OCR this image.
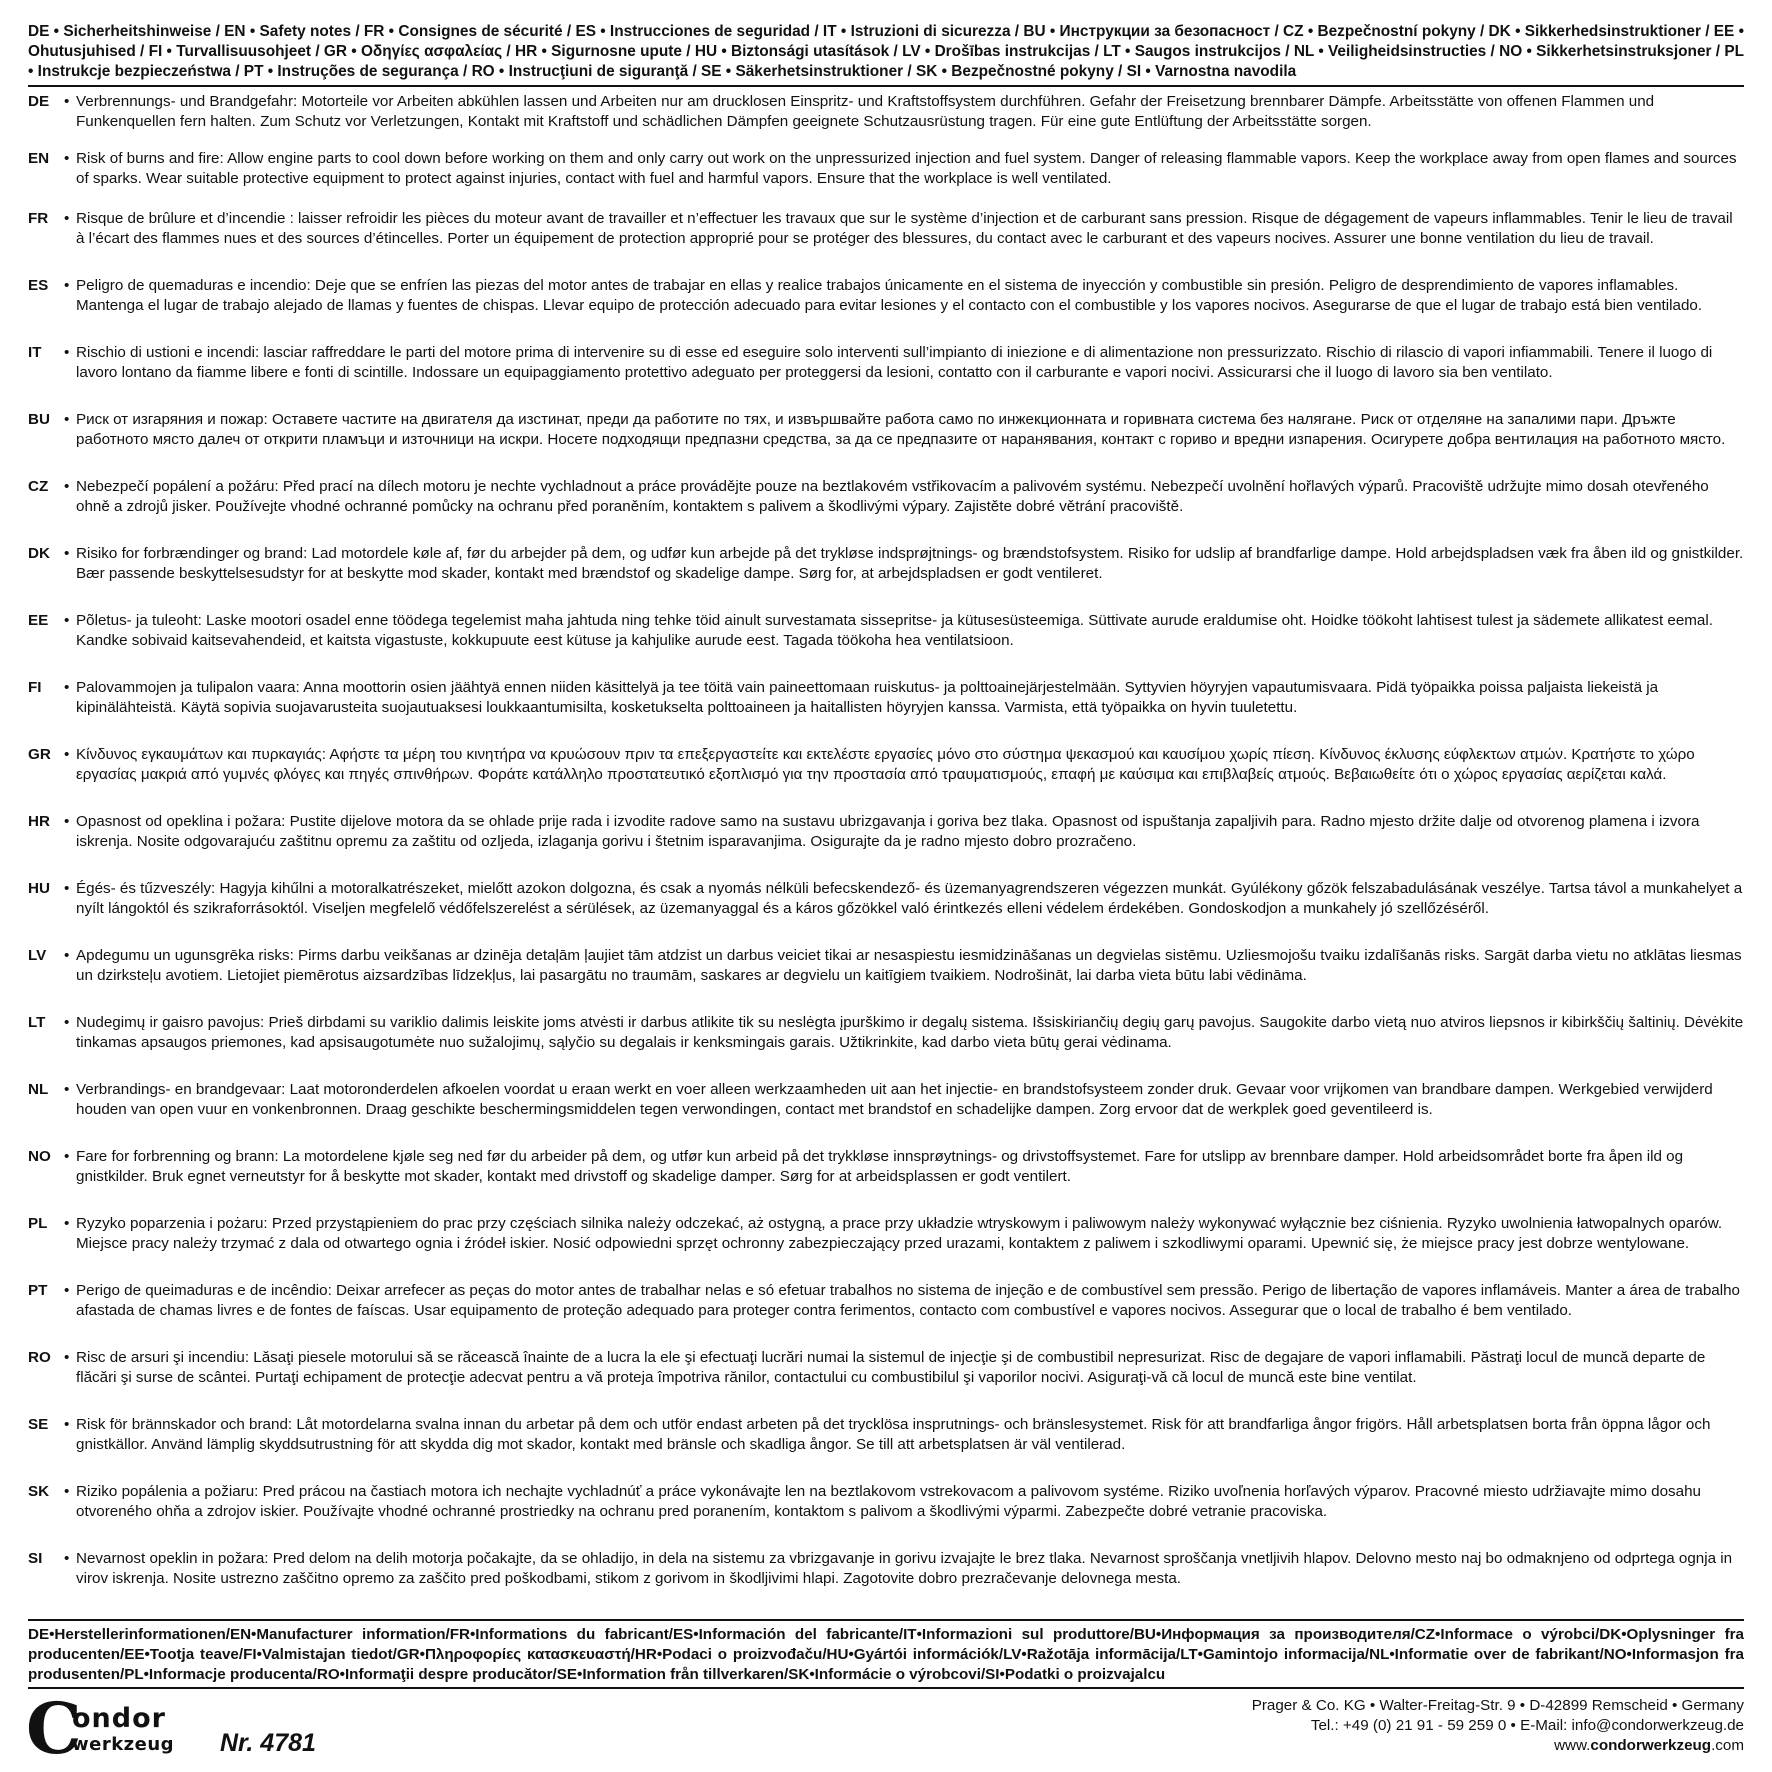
DE • Sicherheitshinweise / EN • Safety notes / FR • Consignes de sécurité / ES • Instrucciones de seguridad / IT • Istruzioni di sicurezza / BU • Инструкции за безопасност / CZ • Bezpečnostní pokyny / DK • Sikkerhedsinstruktioner / EE • Ohutusjuhised / FI • Turvallisuusohjeet / GR • Οδηγίες ασφαλείας / HR • Sigurnosne upute / HU • Biztonsági utasítások / LV • Drošības instrukcijas / LT • Saugos instrukcijos / NL • Veiligheidsinstructies / NO • Sikkerhetsinstruksjoner / PL • Instrukcje bezpieczeństwa / PT • Instruções de segurança / RO • Instrucţiuni de siguranţă / SE • Säkerhetsinstruktioner / SK • Bezpečnostné pokyny / SI • Varnostna navodila
DE • Verbrennungs- und Brandgefahr: Motorteile vor Arbeiten abkühlen lassen und Arbeiten nur am drucklosen Einspritz- und Kraftstoffsystem durchführen. Gefahr der Freisetzung brennbarer Dämpfe. Arbeitsstätte von offenen Flammen und Funkenquellen fern halten. Zum Schutz vor Verletzungen, Kontakt mit Kraftstoff und schädlichen Dämpfen geeignete Schutzausrüstung tragen. Für eine gute Entlüftung der Arbeitsstätte sorgen.
EN • Risk of burns and fire: Allow engine parts to cool down before working on them and only carry out work on the unpressurized injection and fuel system. Danger of releasing flammable vapors. Keep the workplace away from open flames and sources of sparks. Wear suitable protective equipment to protect against injuries, contact with fuel and harmful vapors. Ensure that the workplace is well ventilated.
FR	• Risque de brûlure et d’incendie : laisser refroidir les pièces du moteur avant de travailler et n’effectuer les travaux que sur le système d’injection et de carburant sans pression. Risque de dégagement de vapeurs inflammables. Tenir le lieu de travail à l’écart des flammes nues et des sources d’étincelles. Porter un équipement de protection approprié pour se protéger des blessures, du contact avec le carburant et des vapeurs nocives. Assurer une bonne ventilation du lieu de travail.
ES	• Peligro de quemaduras e incendio: Deje que se enfríen las piezas del motor antes de trabajar en ellas y realice trabajos únicamente en el sistema de inyección y combustible sin presión. Peligro de desprendimiento de vapores inflamables. Mantenga el lugar de trabajo alejado de llamas y fuentes de chispas. Llevar equipo de protección adecuado para evitar lesiones y el contacto con el combustible y los vapores nocivos. Asegurarse de que el lugar de trabajo está bien ventilado.
IT	• Rischio di ustioni e incendi: lasciar raffreddare le parti del motore prima di intervenire su di esse ed eseguire solo interventi sull’impianto di iniezione e di alimentazione non pressurizzato. Rischio di rilascio di vapori infiammabili. Tenere il luogo di lavoro lontano da fiamme libere e fonti di scintille. Indossare un equipaggiamento protettivo adeguato per proteggersi da lesioni, contatto con il carburante e vapori nocivi. Assicurarsi che il luogo di lavoro sia ben ventilato.
BU • Риск от изгаряния и пожар: Оставете частите на двигателя да изстинат, преди да работите по тях, и извършвайте работа само по инжекционната и горивната система без налягане. Риск от отделяне на запалими пари. Дръжте работното място далеч от открити пламъци и източници на искри. Носете подходящи предпазни средства, за да се предпазите от наранявания, контакт с гориво и вредни изпарения. Осигурете добра вентилация на работното място.
CZ	• Nebezpečí popálení a požáru: Před prací na dílech motoru je nechte vychladnout a práce provádějte pouze na beztlakovém vstřikovacím a palivovém systému. Nebezpečí uvolnění hořlavých výparů. Pracoviště udržujte mimo dosah otevřeného ohně a zdrojů jisker. Používejte vhodné ochranné pomůcky na ochranu před poraněním, kontaktem s palivem a škodlivými výpary. Zajistěte dobré větrání pracoviště.
DK • Risiko for forbrændinger og brand: Lad motordele køle af, før du arbejder på dem, og udfør kun arbejde på det trykløse indsprøjtnings- og brændstofsystem. Risiko for udslip af brandfarlige dampe. Hold arbejdspladsen væk fra åben ild og gnistkilder. Bær passende beskyttelsesudstyr for at beskytte mod skader, kontakt med brændstof og skadelige dampe. Sørg for, at arbejdspladsen er godt ventileret.
EE	• Põletus- ja tuleoht: Laske mootori osadel enne töödega tegelemist maha jahtuda ning tehke töid ainult survestamata sissepritse- ja kütusesüsteemiga. Süttivate aurude eraldumise oht. Hoidke töökoht lahtisest tulest ja sädemete allikatest eemal. Kandke sobivaid kaitsevahendeid, et kaitsta vigastuste, kokkupuute eest kütuse ja kahjulike aurude eest. Tagada töökoha hea ventilatsioon.
FI	• Palovammojen ja tulipalon vaara: Anna moottorin osien jäähtyä ennen niiden käsittelyä ja tee töitä vain paineettomaan ruiskutus- ja polttoainejärjestelmään. Syttyvien höyryjen vapautumisvaara. Pidä työpaikka poissa paljaista liekeistä ja kipinälähteistä. Käytä sopivia suojavarusteita suojautuaksesi loukkaantumisilta, kosketukselta polttoaineen ja haitallisten höyryjen kanssa. Varmista, että työpaikka on hyvin tuuletettu.
GR • Κίνδυνος εγκαυμάτων και πυρκαγιάς: Αφήστε τα μέρη του κινητήρα να κρυώσουν πριν τα επεξεργαστείτε και εκτελέστε εργασίες μόνο στο σύστημα ψεκασμού και καυσίμου χωρίς πίεση. Κίνδυνος έκλυσης εύφλεκτων ατμών. Κρατήστε το χώρο εργασίας μακριά από γυμνές φλόγες και πηγές σπινθήρων. Φοράτε κατάλληλο προστατευτικό εξοπλισμό για την προστασία από τραυματισμούς, επαφή με καύσιμα και επιβλαβείς ατμούς. Βεβαιωθείτε ότι ο χώρος εργασίας αερίζεται καλά.
HR • Opasnost od opeklina i požara: Pustite dijelove motora da se ohlade prije rada i izvodite radove samo na sustavu ubrizgavanja i goriva bez tlaka. Opasnost od ispuštanja zapaljivih para. Radno mjesto držite dalje od otvorenog plamena i izvora iskrenja. Nosite odgovarajuću zaštitnu opremu za zaštitu od ozljeda, izlaganja gorivu i štetnim isparavanjima. Osigurajte da je radno mjesto dobro prozračeno.
HU • Égés- és tűzveszély: Hagyja kihűlni a motoralkatrészeket, mielőtt azokon dolgozna, és csak a nyomás nélküli befecskendező- és üzemanyagrendszeren végezzen munkát. Gyúlékony gőzök felszabadulásának veszélye. Tartsa távol a munkahelyet a nyílt lángoktól és szikraforrásoktól. Viseljen megfelelő védőfelszerelést a sérülések, az üzemanyaggal és a káros gőzökkel való érintkezés elleni védelem érdekében. Gondoskodjon a munkahely jó szellőzéséről.
LV	• Apdegumu un ugunsgrēka risks: Pirms darbu veikšanas ar dzinēja detaļām ļaujiet tām atdzist un darbus veiciet tikai ar nesaspiestu iesmidzināšanas un degvielas sistēmu. Uzliesmojošu tvaiku izdalīšanās risks. Sargāt darba vietu no atklātas liesmas un dzirksteļu avotiem. Lietojiet piemērotus aizsardzības līdzekļus, lai pasargātu no traumām, saskares ar degvielu un kaitīgiem tvaikiem. Nodrošināt, lai darba vieta būtu labi vēdināma.
LT	• Nudegimų ir gaisro pavojus: Prieš dirbdami su variklio dalimis leiskite joms atvėsti ir darbus atlikite tik su neslėgta įpurškimo ir degalų sistema. Išsiskiriančių degių garų pavojus. Saugokite darbo vietą nuo atviros liepsnos ir kibirkščių šaltinių. Dėvėkite tinkamas apsaugos priemones, kad apsisaugotumėte nuo sužalojimų, sąlyčio su degalais ir kenksmingais garais. Užtikrinkite, kad darbo vieta būtų gerai vėdinama.
NL	• Verbrandings- en brandgevaar: Laat motoronderdelen afkoelen voordat u eraan werkt en voer alleen werkzaamheden uit aan het injectie- en brandstofsysteem zonder druk. Gevaar voor vrijkomen van brandbare dampen. Werkgebied verwijderd houden van open vuur en vonkenbronnen. Draag geschikte beschermingsmiddelen tegen verwondingen, contact met brandstof en schadelijke dampen. Zorg ervoor dat de werkplek goed geventileerd is.
NO • Fare for forbrenning og brann: La motordelene kjøle seg ned før du arbeider på dem, og utfør kun arbeid på det trykkløse innsprøytnings- og drivstoffsystemet. Fare for utslipp av brennbare damper. Hold arbeidsområdet borte fra åpen ild og gnistkilder. Bruk egnet verneutstyr for å beskytte mot skader, kontakt med drivstoff og skadelige damper. Sørg for at arbeidsplassen er godt ventilert.
PL	• Ryzyko poparzenia i pożaru: Przed przystąpieniem do prac przy częściach silnika należy odczekać, aż ostygną, a prace przy układzie wtryskowym i paliwowym należy wykonywać wyłącznie bez ciśnienia. Ryzyko uwolnienia łatwopalnych oparów. Miejsce pracy należy trzymać z dala od otwartego ognia i źródeł iskier. Nosić odpowiedni sprzęt ochronny zabezpieczający przed urazami, kontaktem z paliwem i szkodliwymi oparami. Upewnić się, że miejsce pracy jest dobrze wentylowane.
PT	• Perigo de queimaduras e de incêndio: Deixar arrefecer as peças do motor antes de trabalhar nelas e só efetuar trabalhos no sistema de injeção e de combustível sem pressão. Perigo de libertação de vapores inflamáveis. Manter a área de trabalho afastada de chamas livres e de fontes de faíscas. Usar equipamento de proteção adequado para proteger contra ferimentos, contacto com combustível e vapores nocivos. Assegurar que o local de trabalho é bem ventilado.
RO • Risc de arsuri şi incendiu: Lăsaţi piesele motorului să se răcească înainte de a lucra la ele şi efectuaţi lucrări numai la sistemul de injecţie şi de combustibil nepresurizat. Risc de degajare de vapori inflamabili. Păstraţi locul de muncă departe de flăcări şi surse de scântei. Purtaţi echipament de protecţie adecvat pentru a vă proteja împotriva rănilor, contactului cu combustibilul şi vaporilor nocivi. Asiguraţi-vă că locul de muncă este bine ventilat.
SE	• Risk för brännskador och brand: Låt motordelarna svalna innan du arbetar på dem och utför endast arbeten på det trycklösa insprutnings- och bränslesystemet. Risk för att brandfarliga ångor frigörs. Håll arbetsplatsen borta från öppna lågor och gnistkällor. Använd lämplig skyddsutrustning för att skydda dig mot skador, kontakt med bränsle och skadliga ångor. Se till att arbetsplatsen är väl ventilerad.
SK • Riziko popálenia a požiaru: Pred prácou na častiach motora ich nechajte vychladnúť a práce vykonávajte len na beztlakovom vstrekovacom a palivovom systéme. Riziko uvoľnenia horľavých výparov. Pracovné miesto udržiavajte mimo dosahu otvoreného ohňa a zdrojov iskier. Používajte vhodné ochranné prostriedky na ochranu pred poranením, kontaktom s palivom a škodlivými výparmi. Zabezpečte dobré vetranie pracoviska.
SI	• Nevarnost opeklin in požara: Pred delom na delih motorja počakajte, da se ohladijo, in dela na sistemu za vbrizgavanje in gorivu izvajajte le brez tlaka. Nevarnost sproščanja vnetljivih hlapov. Delovno mesto naj bo odmaknjeno od odprtega ognja in virov iskrenja. Nosite ustrezno zaščitno opremo za zaščito pred poškodbami, stikom z gorivom in škodljivimi hlapi. Zagotovite dobro prezračevanje delovnega mesta.
DE•Herstellerinformationen/EN•Manufacturer information/FR•Informations du fabricant/ES•Información del fabricante/IT•Informazioni sul produttore/BU•Информация за производителя/CZ•Informace o výrobci/DK•Oplysninger fra producenten/EE•Tootja teave/FI•Valmistajan tiedot/GR•Πληροφορίες κατασκευαστή/HR•Podaci o proizvođaču/HU•Gyártói információk/LV•Ražotāja informācija/LT•Gamintojo informacija/NL•Informatie over de fabrikant/NO•Informasjon fra produsenten/PL•Informacje producenta/RO•Informaţii despre producător/SE•Information från tillverkaren/SK•Informácie o výrobcovi/SI•Podatki o proizvajalcu
C
ondor
werkzeug Nr. 4781
Prager & Co. KG • Walter-Freitag-Str. 9 • D-42899 Remscheid • Germany
Tel.: +49 (0) 21 91 - 59 259 0 • E-Mail: info@condorwerkzeug.de
www.condorwerkzeug.com
